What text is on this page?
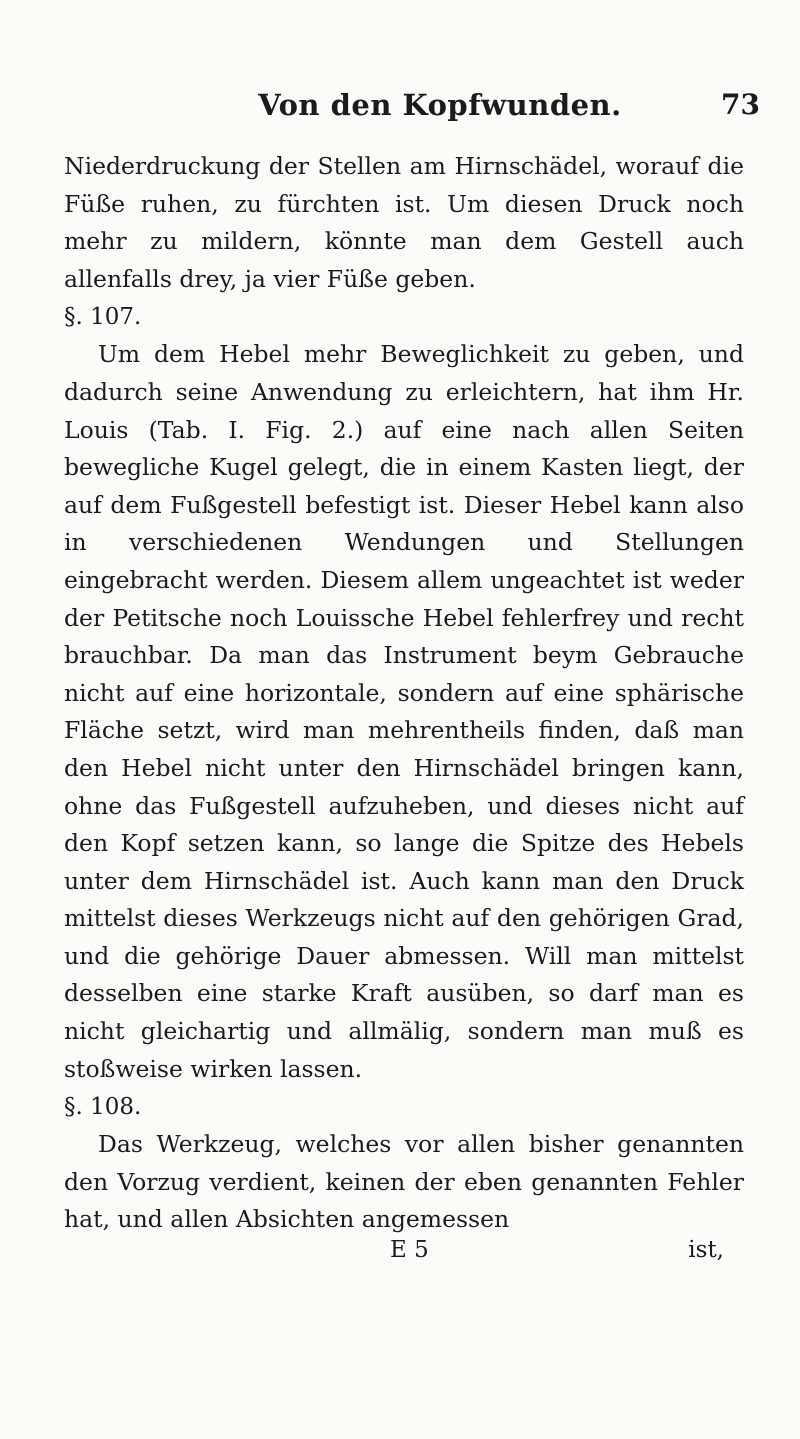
Von den Kopfwunden.	73

Niederdruckung der Stellen am Hirnschädel, worauf die Füße ruhen, zu fürchten ist. Um diesen Druck noch mehr zu mildern, könnte man dem Gestell auch allenfalls drey, ja vier Füße geben.

§. 107.

Um dem Hebel mehr Beweglichkeit zu geben, und dadurch seine Anwendung zu erleichtern, hat ihm Hr. Louis (Tab. I. Fig. 2.) auf eine nach allen Seiten bewegliche Kugel gelegt, die in einem Kasten liegt, der auf dem Fußgestell befestigt ist. Dieser Hebel kann also in verschiedenen Wendungen und Stellungen eingebracht werden. Diesem allem ungeachtet ist weder der Petitsche noch Louissche Hebel fehlerfrey und recht brauchbar. Da man das Instrument beym Gebrauche nicht auf eine horizontale, sondern auf eine sphärische Fläche setzt, wird man mehrentheils finden, daß man den Hebel nicht unter den Hirnschädel bringen kann, ohne das Fußgestell aufzuheben, und dieses nicht auf den Kopf setzen kann, so lange die Spitze des Hebels unter dem Hirnschädel ist. Auch kann man den Druck mittelst dieses Werkzeugs nicht auf den gehörigen Grad, und die gehörige Dauer abmessen. Will man mittelst desselben eine starke Kraft ausüben, so darf man es nicht gleichartig und allmälig, sondern man muß es stoßweise wirken lassen.

§. 108.

Das Werkzeug, welches vor allen bisher genannten den Vorzug verdient, keinen der eben genannten Fehler hat, und allen Absichten angemessen

E 5	ist,
